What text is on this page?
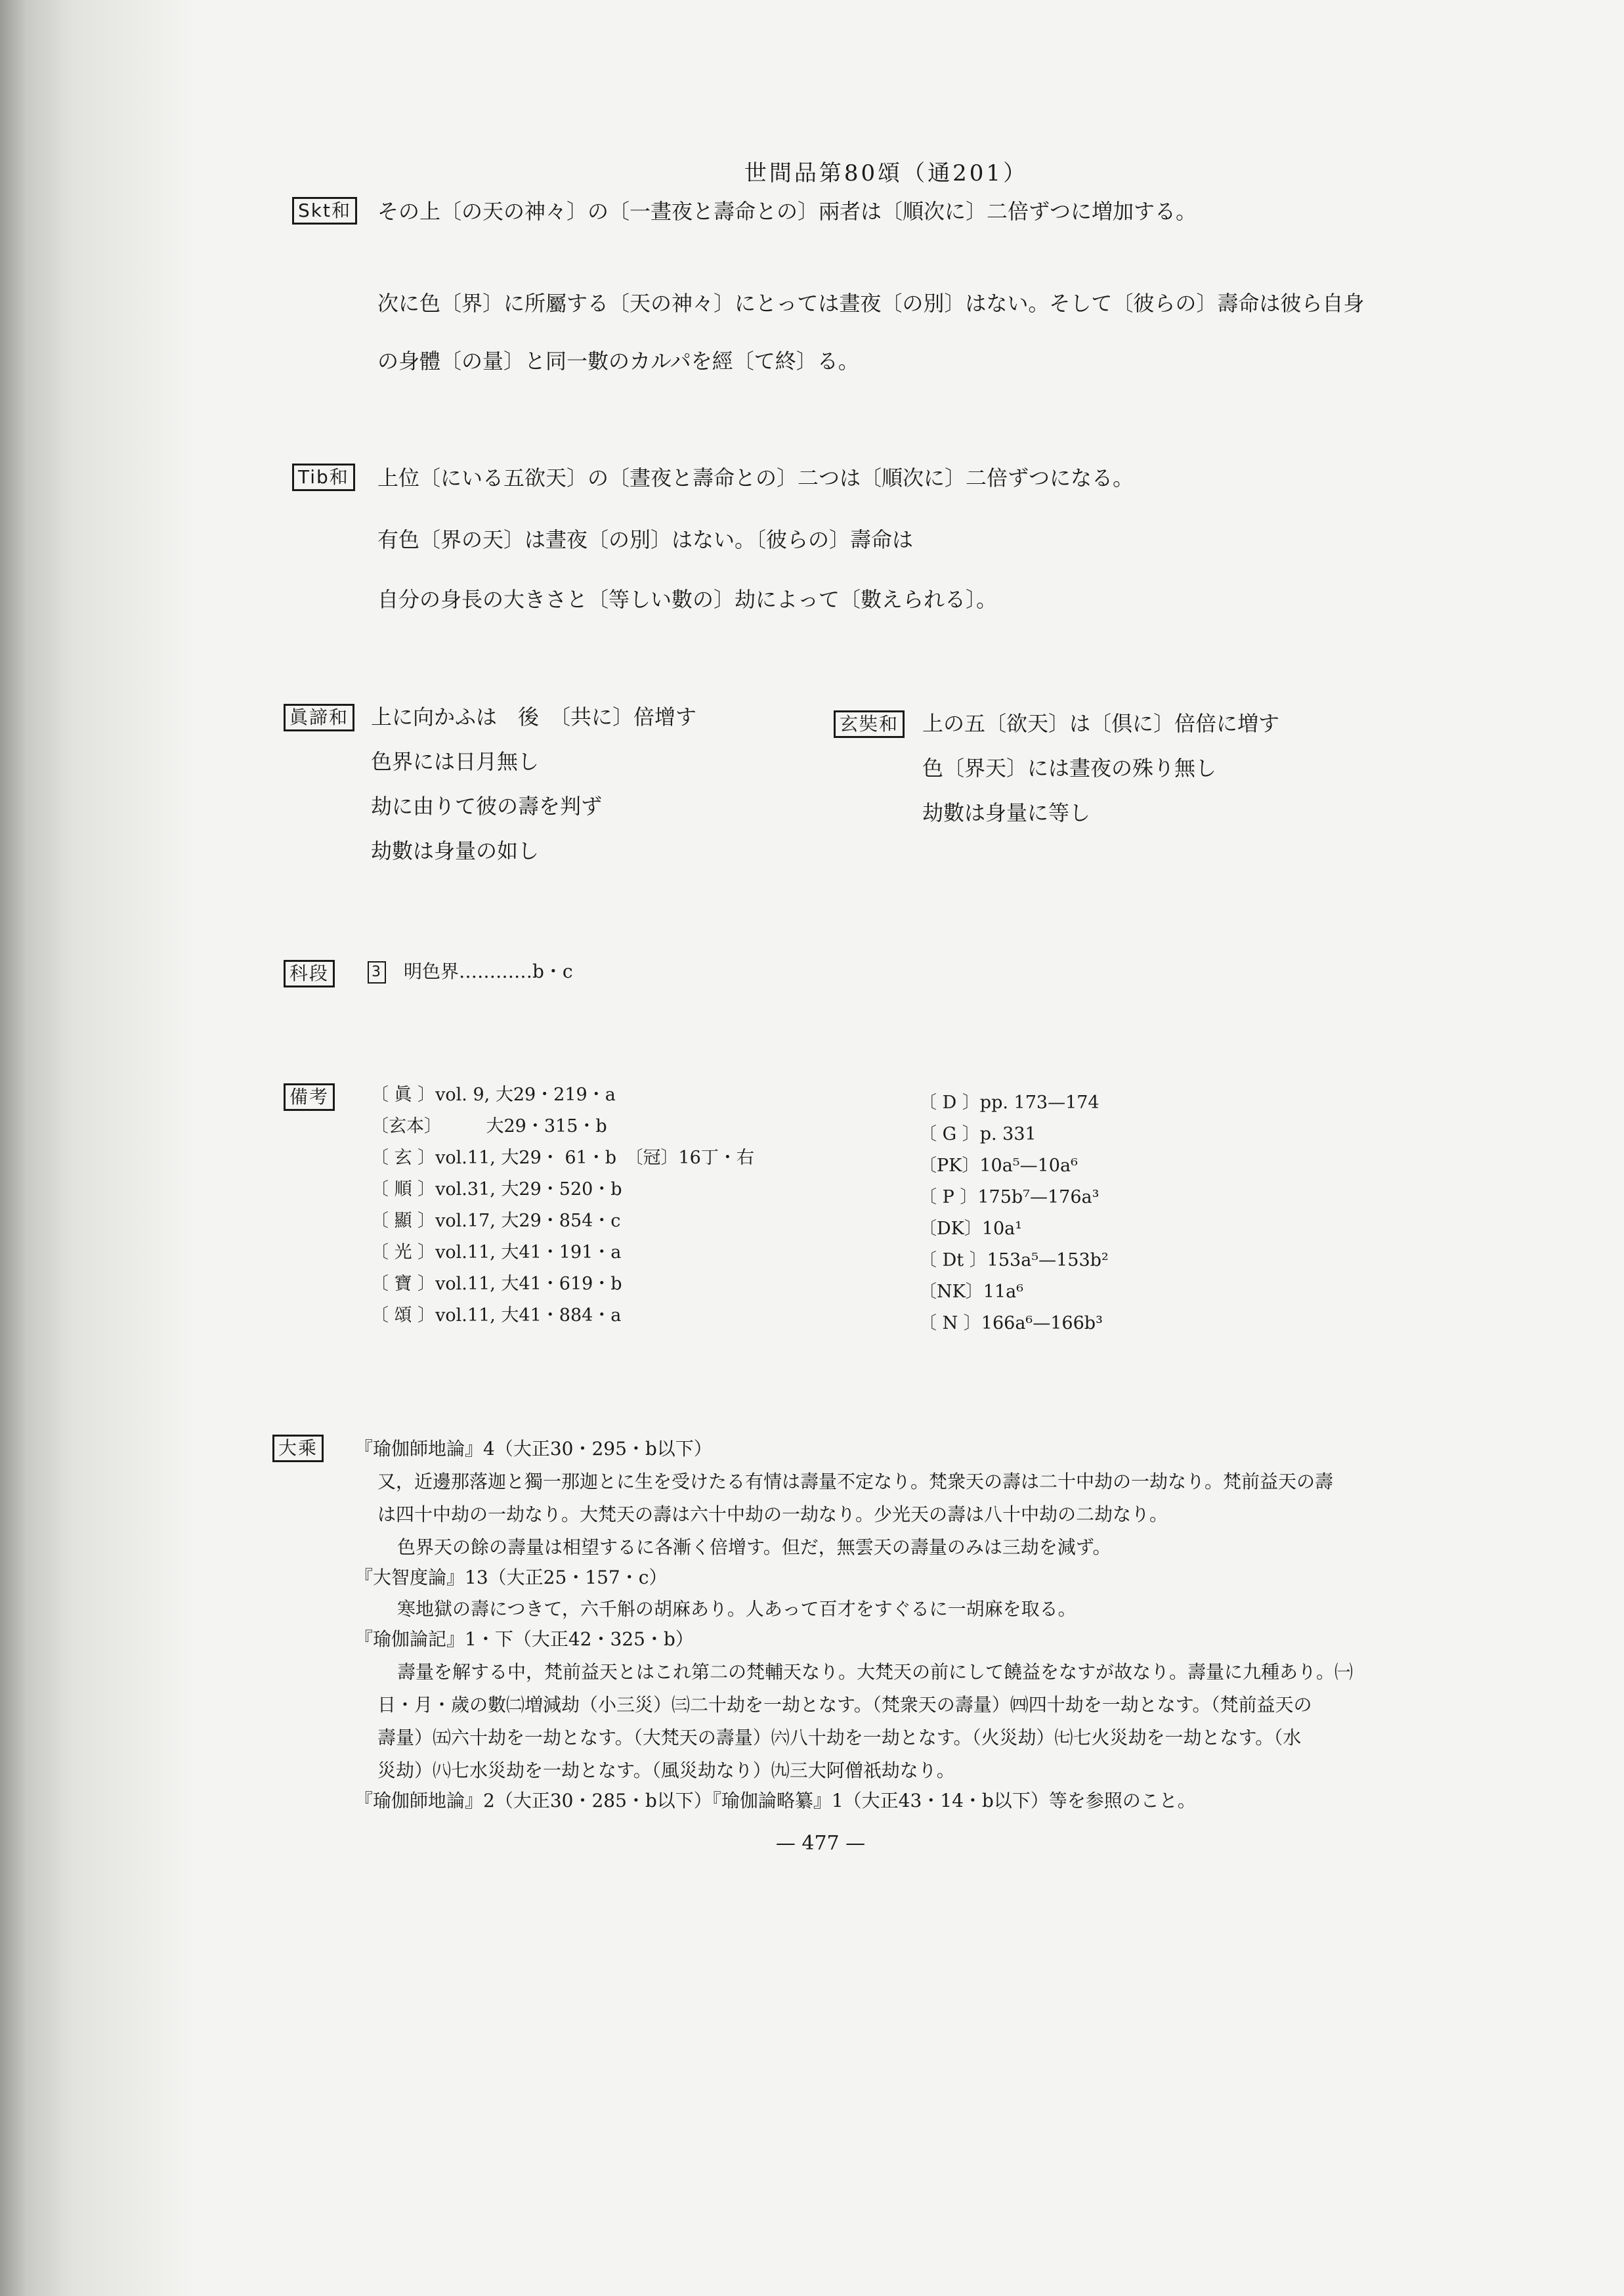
世間品第80頌（通201）
Skt和 その上〔の天の神々〕の〔一晝夜と壽命との〕兩者は〔順次に〕二倍ずつに増加する。
次に色〔界〕に所屬する〔天の神々〕にとっては晝夜〔の別〕はない。そして〔彼らの〕壽命は彼ら自身
の身體〔の量〕と同一數のカルパを經〔て終〕る。
Tib和 上位〔にいる五欲天〕の〔晝夜と壽命との〕二つは〔順次に〕二倍ずつになる。
有色〔界の天〕は晝夜〔の別〕はない。〔彼らの〕壽命は
自分の身長の大きさと〔等しい數の〕劫によって〔數えられる〕。
眞諦和 上に向かふは　後　〔共に〕倍增す
色界には日月無し
劫に由りて彼の壽を判ず
劫數は身量の如し
玄奘和 上の五〔欲天〕は〔倶に〕倍倍に増す
色〔界天〕には晝夜の殊り無し
劫數は身量に等し
科段	3 明色界…………b・c
備考	〔 眞 〕vol. 9, 大29・219・a
〔玄本〕　　　大29・315・b
〔 玄 〕vol.11, 大29・ 61・b　〔冠〕16丁・右
〔 順 〕vol.31, 大29・520・b
〔 顯 〕vol.17, 大29・854・c
〔 光 〕vol.11, 大41・191・a
〔 寶 〕vol.11, 大41・619・b
〔 頌 〕vol.11, 大41・884・a
〔 D 〕pp. 173—174
〔 G 〕p. 331
〔PK〕10a⁵—10a⁶
〔 P 〕175b⁷—176a³
〔DK〕10a¹
〔 Dt 〕153a⁵—153b²
〔NK〕11a⁶
〔 N 〕166a⁶—166b³
大乘	『瑜伽師地論』4（大正30・295・b以下）
又，近邊那落迦と獨一那迦とに生を受けたる有情は壽量不定なり。梵衆天の壽は二十中劫の一劫なり。梵前益天の壽
は四十中劫の一劫なり。大梵天の壽は六十中劫の一劫なり。少光天の壽は八十中劫の二劫なり。
色界天の餘の壽量は相望するに各漸く倍增す。但だ，無雲天の壽量のみは三劫を減ず。
『大智度論』13（大正25・157・c）
寒地獄の壽につきて，六千斛の胡麻あり。人あって百才をすぐるに一胡麻を取る。
『瑜伽論記』1・下（大正42・325・b）
壽量を解する中，梵前益天とはこれ第二の梵輔天なり。大梵天の前にして饒益をなすが故なり。壽量に九種あり。㈠
日・月・歲の數㈡増減劫（小三災）㈢二十劫を一劫となす。（梵衆天の壽量）㈣四十劫を一劫となす。（梵前益天の
壽量）㈤六十劫を一劫となす。（大梵天の壽量）㈥八十劫を一劫となす。（火災劫）㈦七火災劫を一劫となす。（水
災劫）㈧七水災劫を一劫となす。（風災劫なり）㈨三大阿僧祇劫なり。
『瑜伽師地論』2（大正30・285・b以下）『瑜伽論略纂』1（大正43・14・b以下）等を参照のこと。
— 477 —
